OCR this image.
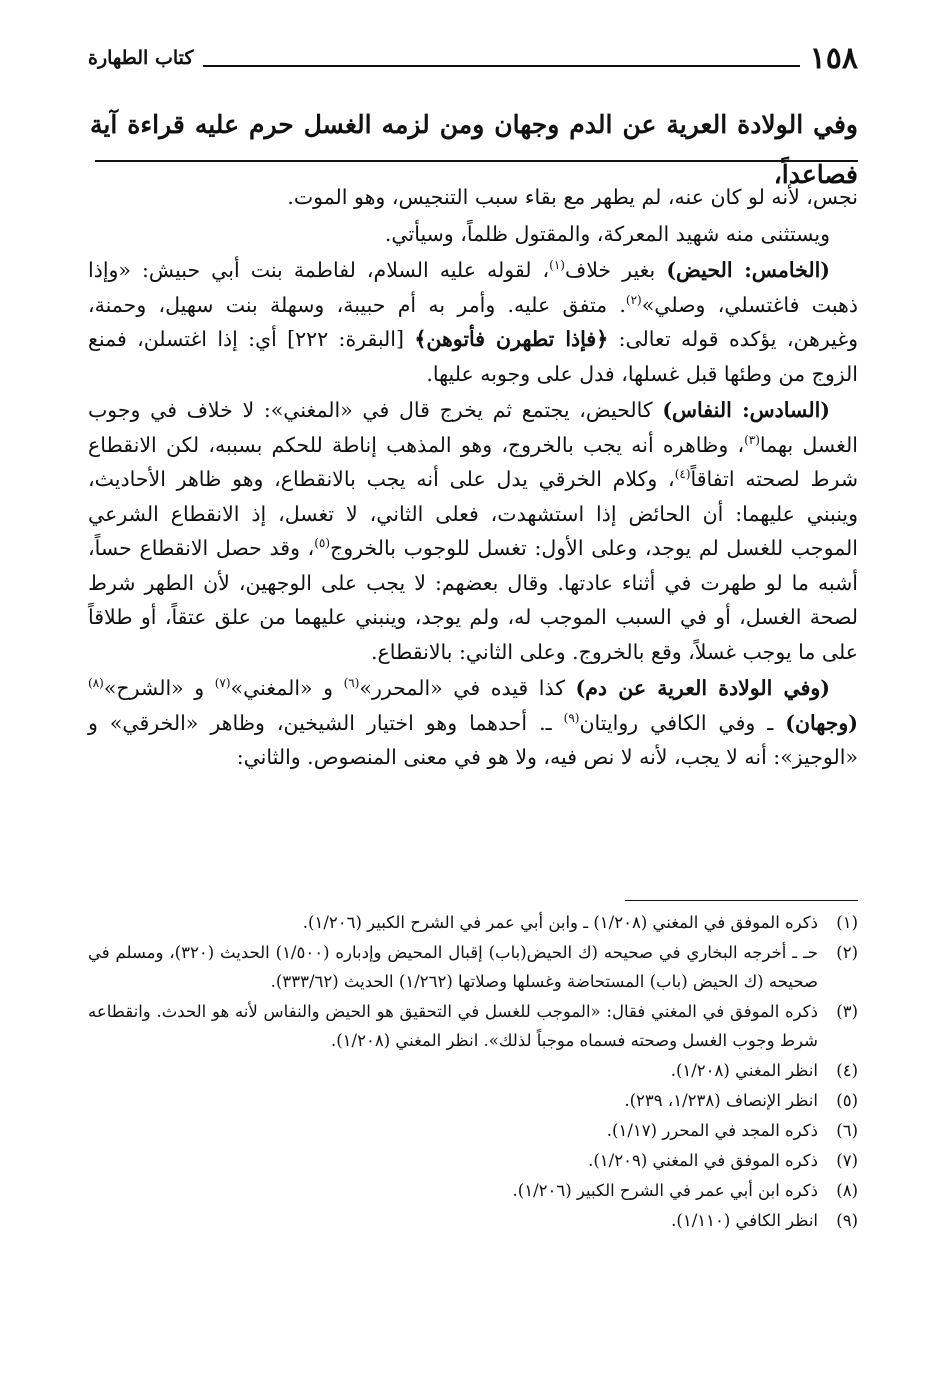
١٥٨
كتاب الطهارة
وفي الولادة العرية عن الدم وجهان ومن لزمه الغسل حرم عليه قراءة آية فصاعداً،

نجس، لأنه لو كان عنه، لم يطهر مع بقاء سبب التنجيس، وهو الموت.

ويستثنى منه شهيد المعركة، والمقتول ظلماً، وسيأتي.

(الخامس: الحيض) بغير خلاف$^{(١)}$، لقوله عليه السلام، لفاطمة بنت أبي حبيش: «وإذا ذهبت فاغتسلي، وصلي»$^{(٢)}$. متفق عليه. وأمر به أم حبيبة، وسهلة بنت سهيل، وحمنة، وغيرهن، يؤكده قوله تعالى: ﴿فإذا تطهرن فأتوهن﴾ [البقرة: ٢٢٢] أي: إذا اغتسلن، فمنع الزوج من وطئها قبل غسلها، فدل على وجوبه عليها.

(السادس: النفاس) كالحيض، يجتمع ثم يخرج قال في «المغني»: لا خلاف في وجوب الغسل بهما$^{(٣)}$، وظاهره أنه يجب بالخروج، وهو المذهب إناطة للحكم بسببه، لكن الانقطاع شرط لصحته اتفاقاً$^{(٤)}$، وكلام الخرقي يدل على أنه يجب بالانقطاع، وهو ظاهر الأحاديث، وينبني عليهما: أن الحائض إذا استشهدت، فعلى الثاني، لا تغسل، إذ الانقطاع الشرعي الموجب للغسل لم يوجد، وعلى الأول: تغسل للوجوب بالخروج$^{(٥)}$، وقد حصل الانقطاع حساً، أشبه ما لو طهرت في أثناء عادتها. وقال بعضهم: لا يجب على الوجهين، لأن الطهر شرط لصحة الغسل، أو في السبب الموجب له، ولم يوجد، وينبني عليهما من علق عتقاً، أو طلاقاً على ما يوجب غسلاً، وقع بالخروج. وعلى الثاني: بالانقطاع.

(وفي الولادة العرية عن دم) كذا قيده في «المحرر»$^{(٦)}$ و «المغني»$^{(٧)}$ و «الشرح»$^{(٨)}$ (وجهان) ـ وفي الكافي روايتان$^{(٩)}$ ـ. أحدهما وهو اختيار الشيخين، وظاهر «الخرقي» و «الوجيز»: أنه لا يجب، لأنه لا نص فيه، ولا هو في معنى المنصوص. والثاني:

(١)
ذكره الموفق في المغني (١/٢٠٨) ـ وابن أبي عمر في الشرح الكبير (١/٢٠٦).
(٢)
حـ ـ أخرجه البخاري في صحيحه (ك الحيض(باب) إقبال المحيض وإدباره (١/٥٠٠) الحديث (٣٢٠)، ومسلم في صحيحه (ك الحيض (باب) المستحاضة وغسلها وصلاتها (١/٢٦٢) الحديث (٣٣٣/٦٢).
(٣)
ذكره الموفق في المغني فقال: «الموجب للغسل في التحقيق هو الحيض والنفاس لأنه هو الحدث. وانقطاعه شرط وجوب الغسل وصحته فسماه موجباً لذلك». انظر المغني (١/٢٠٨).
(٤)
انظر المغني (١/٢٠٨).
(٥)
انظر الإنصاف (١/٢٣٨، ٢٣٩).
(٦)
ذكره المجد في المحرر (١/١٧).
(٧)
ذكره الموفق في المغني (١/٢٠٩).
(٨)
ذكره ابن أبي عمر في الشرح الكبير (١/٢٠٦).
(٩)
انظر الكافي (١/١١٠).
